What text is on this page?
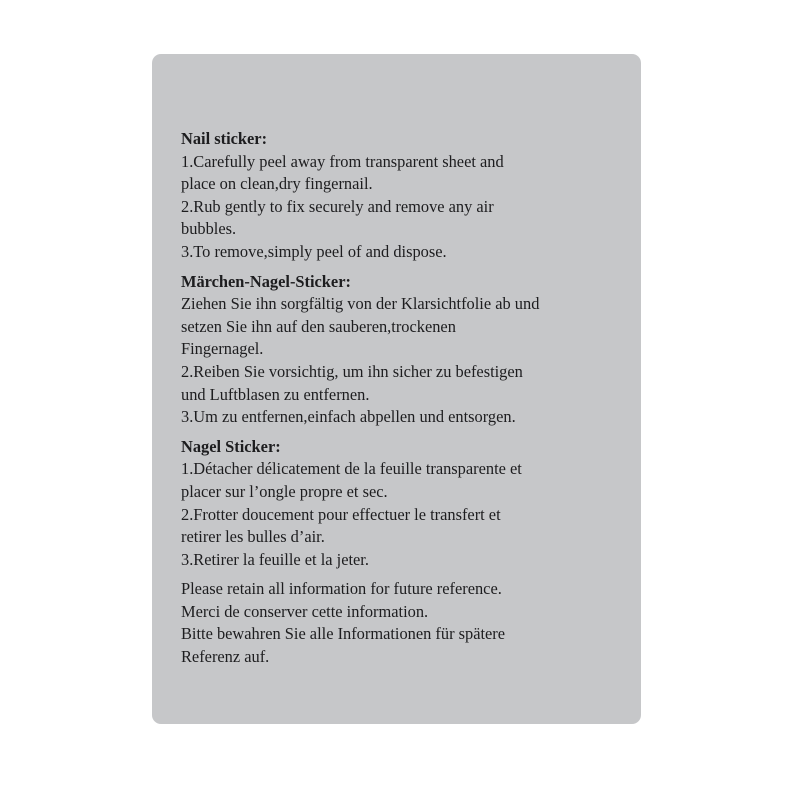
Nail sticker:
1.Carefully peel away from transparent sheet and
place on clean,dry fingernail.
2.Rub gently to fix securely and remove any air
bubbles.
3.To remove,simply peel of and dispose.
Märchen-Nagel-Sticker:
Ziehen Sie ihn sorgfältig von der Klarsichtfolie ab und
setzen Sie ihn auf den sauberen,trockenen
Fingernagel.
2.Reiben Sie vorsichtig, um ihn sicher zu befestigen
und Luftblasen zu entfernen.
3.Um zu entfernen,einfach abpellen und entsorgen.
Nagel Sticker:
1.Détacher délicatement de la feuille transparente et
placer sur l’ongle propre et sec.
2.Frotter doucement pour effectuer le transfert et
retirer les bulles d’air.
3.Retirer la feuille et la jeter.
Please retain all information for future reference.
Merci de conserver cette information.
Bitte bewahren Sie alle Informationen für spätere
Referenz auf.
